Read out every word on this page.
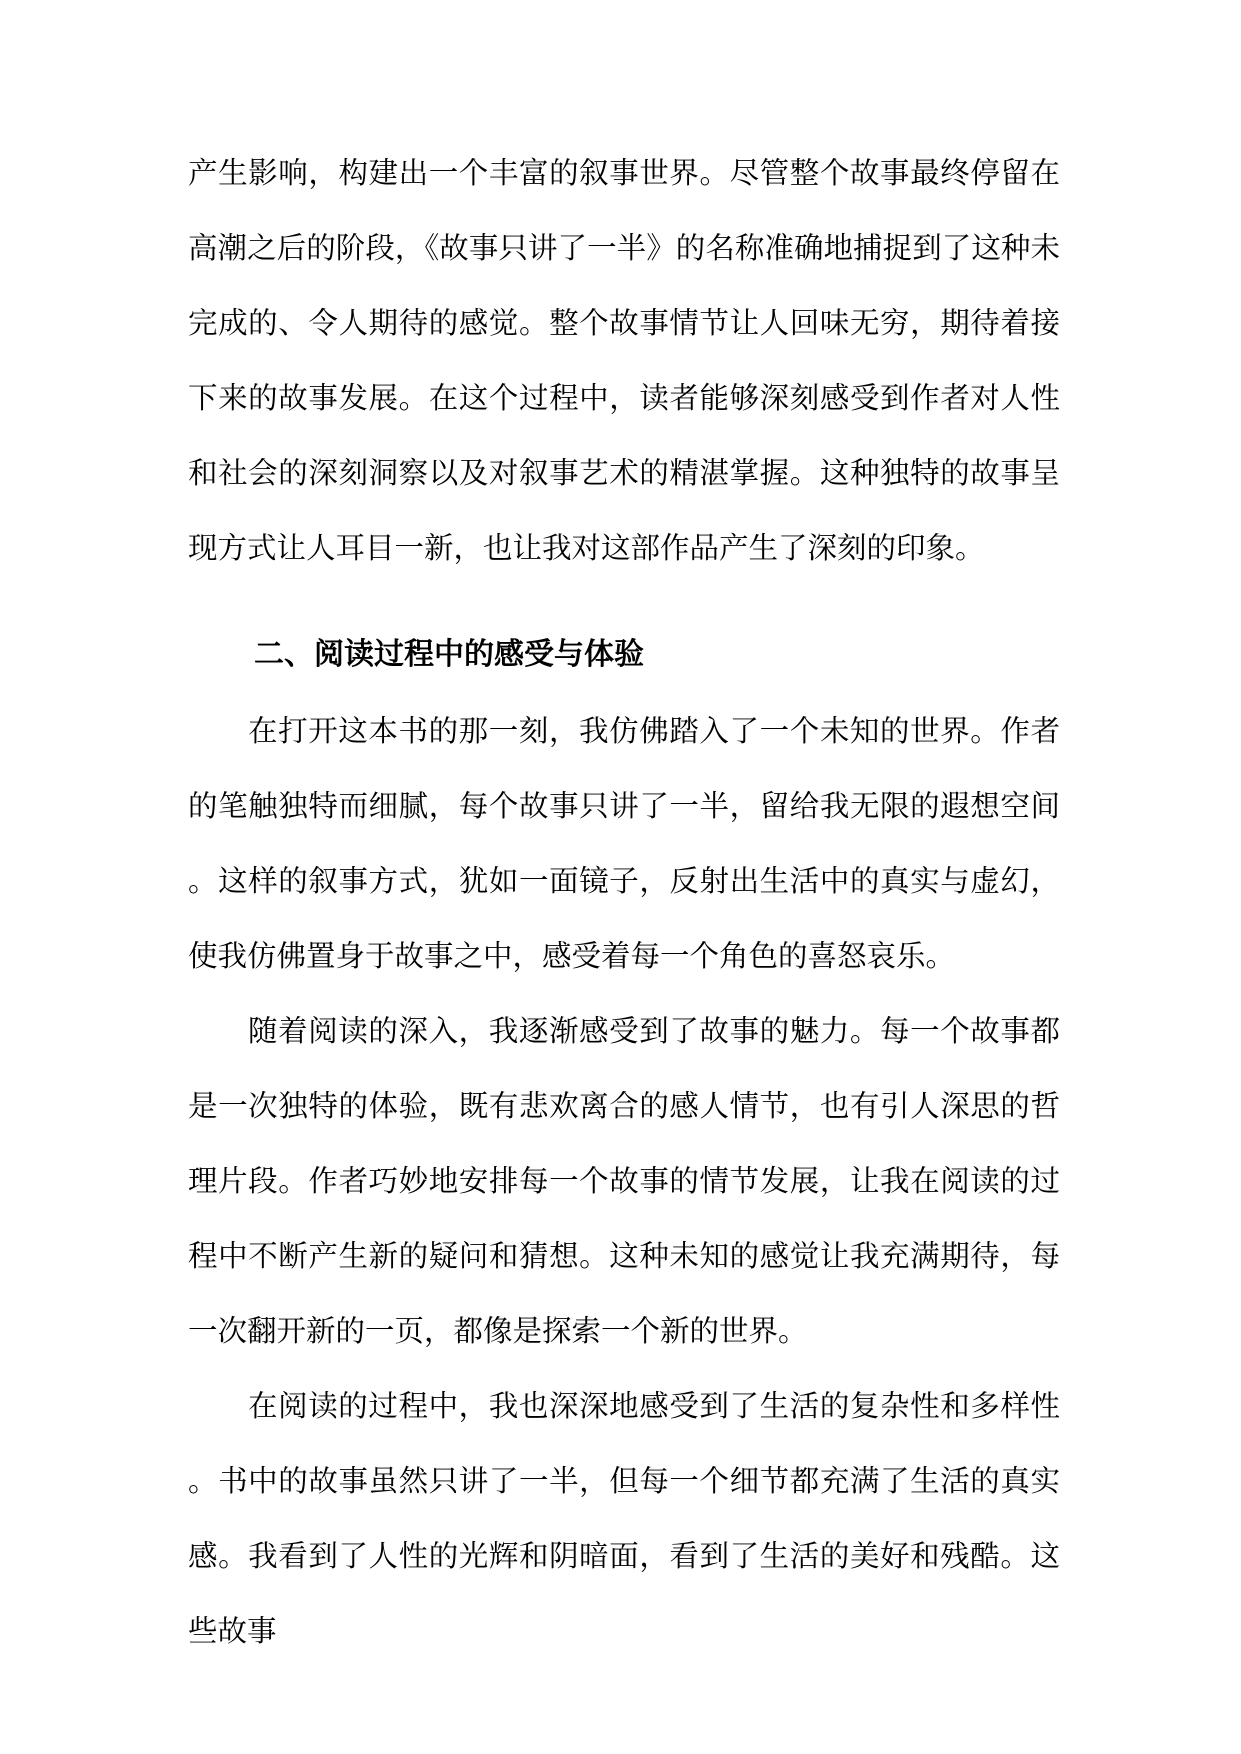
产生影响，构建出一个丰富的叙事世界。尽管整个故事最终停留在高潮之后的阶段，《故事只讲了一半》的名称准确地捕捉到了这种未完成的、令人期待的感觉。整个故事情节让人回味无穷，期待着接下来的故事发展。在这个过程中，读者能够深刻感受到作者对人性和社会的深刻洞察以及对叙事艺术的精湛掌握。这种独特的故事呈现方式让人耳目一新，也让我对这部作品产生了深刻的印象。

二、阅读过程中的感受与体验

在打开这本书的那一刻，我仿佛踏入了一个未知的世界。作者的笔触独特而细腻，每个故事只讲了一半，留给我无限的遐想空间。这样的叙事方式，犹如一面镜子，反射出生活中的真实与虚幻，使我仿佛置身于故事之中，感受着每一个角色的喜怒哀乐。

随着阅读的深入，我逐渐感受到了故事的魅力。每一个故事都是一次独特的体验，既有悲欢离合的感人情节，也有引人深思的哲理片段。作者巧妙地安排每一个故事的情节发展，让我在阅读的过程中不断产生新的疑问和猜想。这种未知的感觉让我充满期待，每一次翻开新的一页，都像是探索一个新的世界。

在阅读的过程中，我也深深地感受到了生活的复杂性和多样性。书中的故事虽然只讲了一半，但每一个细节都充满了生活的真实感。我看到了人性的光辉和阴暗面，看到了生活的美好和残酷。这些故事
